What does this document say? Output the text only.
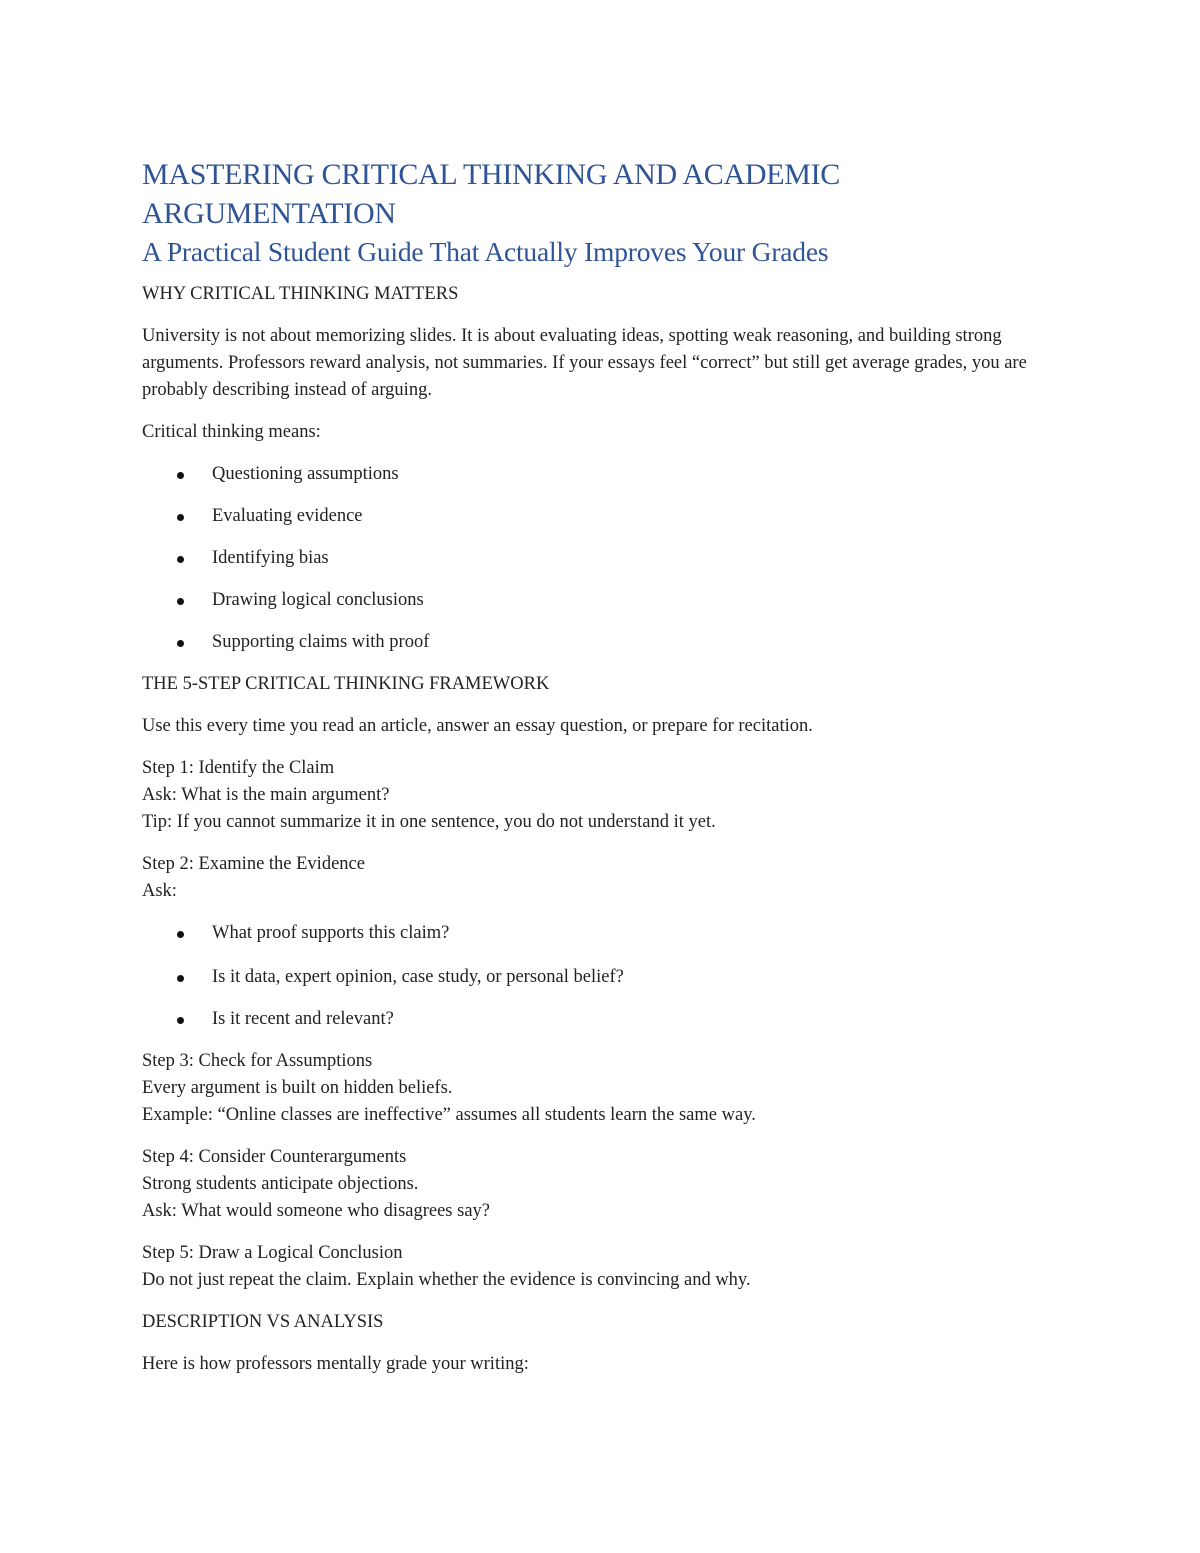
MASTERING CRITICAL THINKING AND ACADEMIC ARGUMENTATION
A Practical Student Guide That Actually Improves Your Grades
WHY CRITICAL THINKING MATTERS

University is not about memorizing slides. It is about evaluating ideas, spotting weak reasoning, and building strong arguments. Professors reward analysis, not summaries. If your essays feel “correct” but still get average grades, you are probably describing instead of arguing.

Critical thinking means:

Questioning assumptions
Evaluating evidence
Identifying bias
Drawing logical conclusions
Supporting claims with proof
THE 5-STEP CRITICAL THINKING FRAMEWORK

Use this every time you read an article, answer an essay question, or prepare for recitation.

Step 1: Identify the Claim
Ask: What is the main argument?
Tip: If you cannot summarize it in one sentence, you do not understand it yet.

Step 2: Examine the Evidence
Ask:

What proof supports this claim?
Is it data, expert opinion, case study, or personal belief?
Is it recent and relevant?

Step 3: Check for Assumptions
Every argument is built on hidden beliefs.
Example: “Online classes are ineffective” assumes all students learn the same way.

Step 4: Consider Counterarguments
Strong students anticipate objections.
Ask: What would someone who disagrees say?

Step 5: Draw a Logical Conclusion
Do not just repeat the claim. Explain whether the evidence is convincing and why.

DESCRIPTION VS ANALYSIS

Here is how professors mentally grade your writing:
